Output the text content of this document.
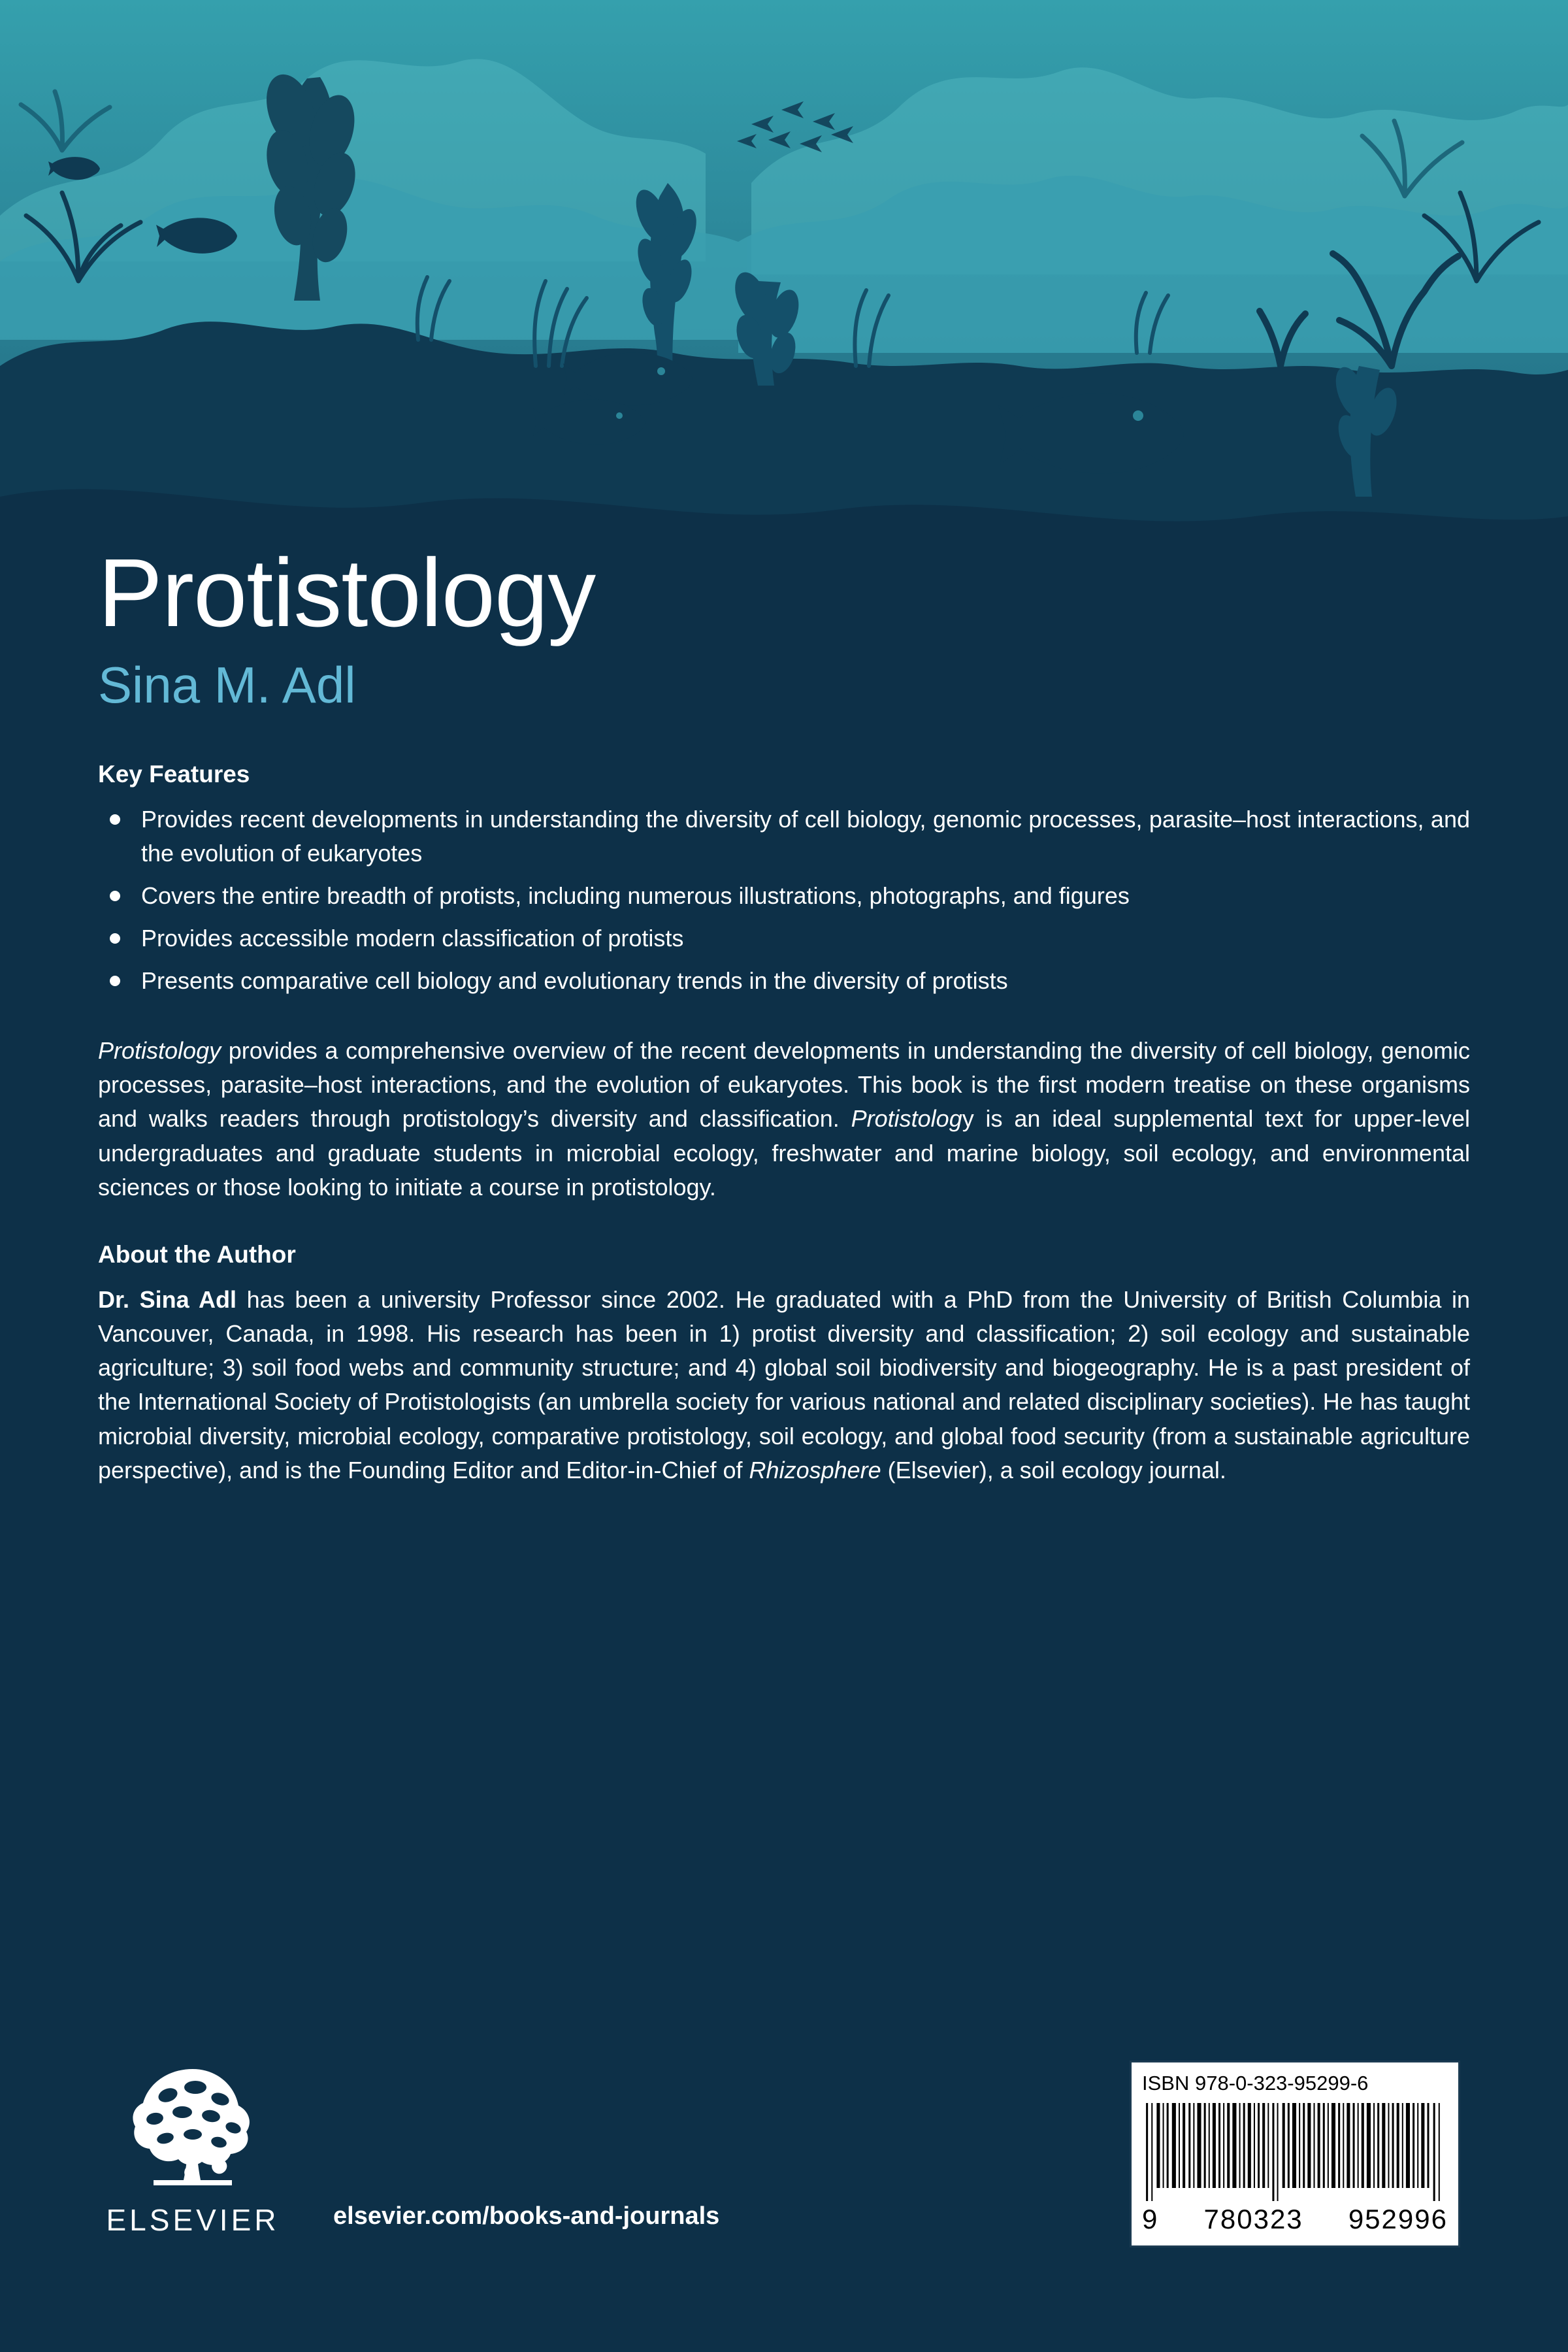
Protistology
Sina M. Adl
Key Features
Provides recent developments in understanding the diversity of cell biology, genomic processes, parasite–host interactions, and the evolution of eukaryotes
Covers the entire breadth of protists, including numerous illustrations, photographs, and figures
Provides accessible modern classification of protists
Presents comparative cell biology and evolutionary trends in the diversity of protists

Protistology provides a comprehensive overview of the recent developments in understanding the diversity of cell biology, genomic processes, parasite–host interactions, and the evolution of eukaryotes. This book is the first modern treatise on these organisms and walks readers through protistology’s diversity and classification. Protistology is an ideal supplemental text for upper-level undergraduates and graduate students in microbial ecology, freshwater and marine biology, soil ecology, and environmental sciences or those looking to initiate a course in protistology.

About the Author

Dr. Sina Adl has been a university Professor since 2002. He graduated with a PhD from the University of British Columbia in Vancouver, Canada, in 1998. His research has been in 1) protist diversity and classification; 2) soil ecology and sustainable agriculture; 3) soil food webs and community structure; and 4) global soil biodiversity and biogeography. He is a past president of the International Society of Protistologists (an umbrella society for various national and related disciplinary societies). He has taught microbial diversity, microbial ecology, comparative protistology, soil ecology, and global food security (from a sustainable agriculture perspective), and is the Founding Editor and Editor-in-Chief of Rhizosphere (Elsevier), a soil ecology journal.

ELSEVIER	elsevier.com/books-and-journals
ISBN 978-0-323-95299-6
9 780323 952996
